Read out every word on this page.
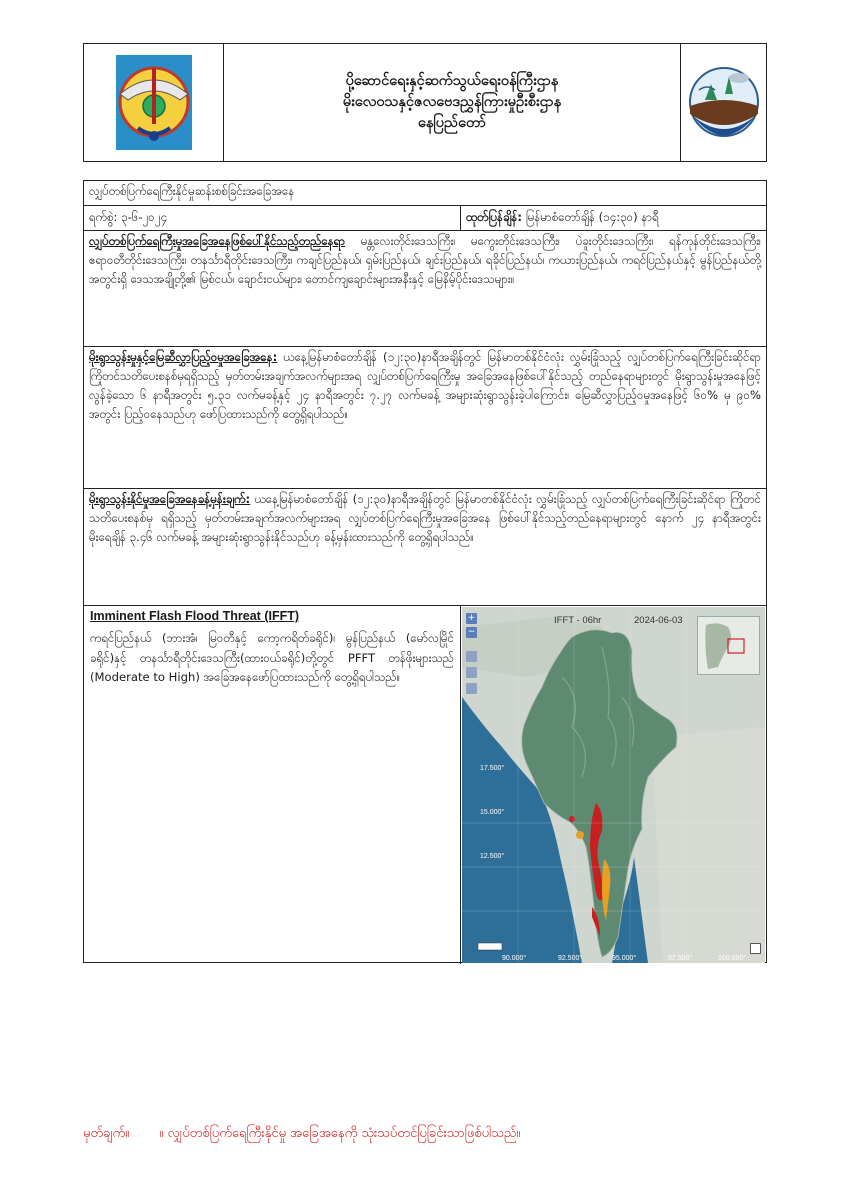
ပို့ဆောင်ရေးနှင့်ဆက်သွယ်ရေးဝန်ကြီးဌာန
မိုးလေဝသနှင့်ဇလဗေဒညွှန်ကြားမှုဦးစီးဌာန
နေပြည်တော်
လျှပ်တစ်ပြက်ရေကြီးနိုင်မှုဆန်းစစ်ခြင်းအခြေအနေ
ရက်စွဲ: ၃-၆-၂၀၂၄	ထုတ်ပြန်ချိန်: မြန်မာစံတော်ချိန် (၁၄:၃၀) နာရီ

လျှပ်တစ်ပြက်ရေကြီးမှုအခြေအနေဖြစ်ပေါ်နိုင်သည့်တည်နေရာ မန္တလေးတိုင်းဒေသကြီး၊ မကွေးတိုင်းဒေသကြီး၊ ပဲခူးတိုင်းဒေသကြီး၊ ရန်ကုန်တိုင်းဒေသကြီး၊ ဧရာဝတီတိုင်းဒေသကြီး၊ တနင်္သာရီတိုင်းဒေသကြီး၊ ကချင်ပြည်နယ်၊ ရှမ်းပြည်နယ်၊ ချင်းပြည်နယ်၊ ရခိုင်ပြည်နယ်၊ ကယားပြည်နယ်၊ ကရင်ပြည်နယ်နှင့် မွန်ပြည်နယ်တို့အတွင်းရှိ ဒေသအချို့တို့၏ မြစ်ငယ်၊ ချောင်းငယ်များ၊ တောင်ကျချောင်းများအနီးနှင့် မြေနိမ့်ပိုင်းဒေသများ။

မိုးရွာသွန်းမှုနှင့်မြေဆီလွှာပြည့်ဝမှုအခြေအနေ: ယနေ့မြန်မာစံတော်ချိန် (၁၂:၃၀)နာရီအချိန်တွင် မြန်မာတစ်နိုင်ငံလုံး လွှမ်းခြုံသည့် လျှပ်တစ်ပြက်ရေကြီးခြင်းဆိုင်ရာ ကြိုတင်သတိပေးစနစ်မှရရှိသည့် မှတ်တမ်းအချက်အလက်များအရ လျှပ်တစ်ပြက်ရေကြီးမှု အခြေအနေဖြစ်ပေါ်နိုင်သည့် တည်နေရာများတွင် မိုးရွာသွန်းမှုအနေဖြင့် လွန်ခဲ့သော ၆ နာရီအတွင်း ၅.၃၁ လက်မခန့်နှင့် ၂၄ နာရီအတွင်း ၇.၂၇ လက်မခန့် အများဆုံးရွာသွန်းခဲ့ပါကြောင်း၊ မြေဆီလွှာပြည့်ဝမှုအနေဖြင့် ၆၀% မှ ၉၀% အတွင်း ပြည့်ဝနေသည်ဟု ဖော်ပြထားသည်ကို တွေ့ရှိရပါသည်။

မိုးရွာသွန်းနိုင်မှုအခြေအနေခန့်မှန်းချက်: ယနေ့မြန်မာစံတော်ချိန် (၁၂:၃၀)နာရီအချိန်တွင် မြန်မာတစ်နိုင်ငံလုံး လွှမ်းခြုံသည့် လျှပ်တစ်ပြက်ရေကြီးခြင်းဆိုင်ရာ ကြိုတင်သတိပေးစနစ်မှ ရရှိသည့် မှတ်တမ်းအချက်အလက်များအရ လျှပ်တစ်ပြက်ရေကြီးမှုအခြေအနေ ဖြစ်ပေါ်နိုင်သည့်တည်နေရာများတွင် နောက် ၂၄ နာရီအတွင်း မိုးရေချိန် ၃.၄၆ လက်မခန့် အများဆုံးရွာသွန်းနိုင်သည်ဟု ခန့်မှန်းထားသည်ကို တွေ့ရှိရပါသည်။

Imminent Flash Flood Threat (IFFT)

ကရင်ပြည်နယ် (ဘားအံ၊ မြဝတီနှင့် ကော့ကရိတ်ခရိုင်)၊ မွန်ပြည်နယ် (မော်လမြိုင်ခရိုင်)နှင့် တနင်္သာရီတိုင်းဒေသကြီး(ထားဝယ်ခရိုင်)တို့တွင် PFFT တန်ဖိုးများသည် (Moderate to High) အခြေအနေဖော်ပြထားသည်ကို တွေ့ရှိရပါသည်။

IFFT - 06hr	2024-06-03
+
−
17.500°
15.000°
12.500°
90.000°	92.500°	95.000°	97.500°	100.000°
မှတ်ချက်။ ။ လျှပ်တစ်ပြက်ရေကြီးနိုင်မှု အခြေအနေကို သုံးသပ်တင်ပြခြင်းသာဖြစ်ပါသည်။
